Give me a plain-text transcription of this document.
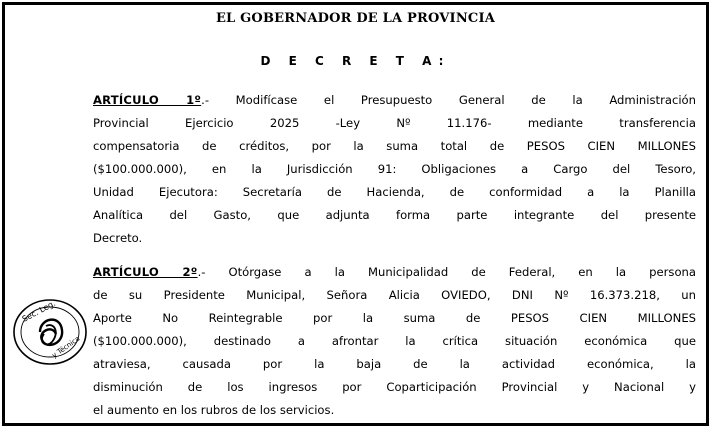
EL GOBERNADOR DE LA PROVINCIA
D E C R E T A:
ARTÍCULO 1º.- Modifícase el Presupuesto General de la Administración
Provincial Ejercicio 2025 -Ley Nº 11.176- mediante transferencia
compensatoria de créditos, por la suma total de PESOS CIEN MILLONES
($100.000.000), en la Jurisdicción 91: Obligaciones a Cargo del Tesoro,
Unidad Ejecutora: Secretaría de Hacienda, de conformidad a la Planilla
Analítica del Gasto, que adjunta forma parte integrante del presente
Decreto.
ARTÍCULO 2º.- Otórgase a la Municipalidad de Federal, en la persona
de su Presidente Municipal, Señora Alicia OVIEDO, DNI Nº 16.373.218, un
Aporte No Reintegrable por la suma de PESOS CIEN MILLONES
($100.000.000), destinado a afrontar la crítica situación económica que
atraviesa, causada por la baja de la actividad económica, la
disminución de los ingresos por Coparticipación Provincial y Nacional y
el aumento en los rubros de los servicios.
Sec. Leg.
y Técnica
